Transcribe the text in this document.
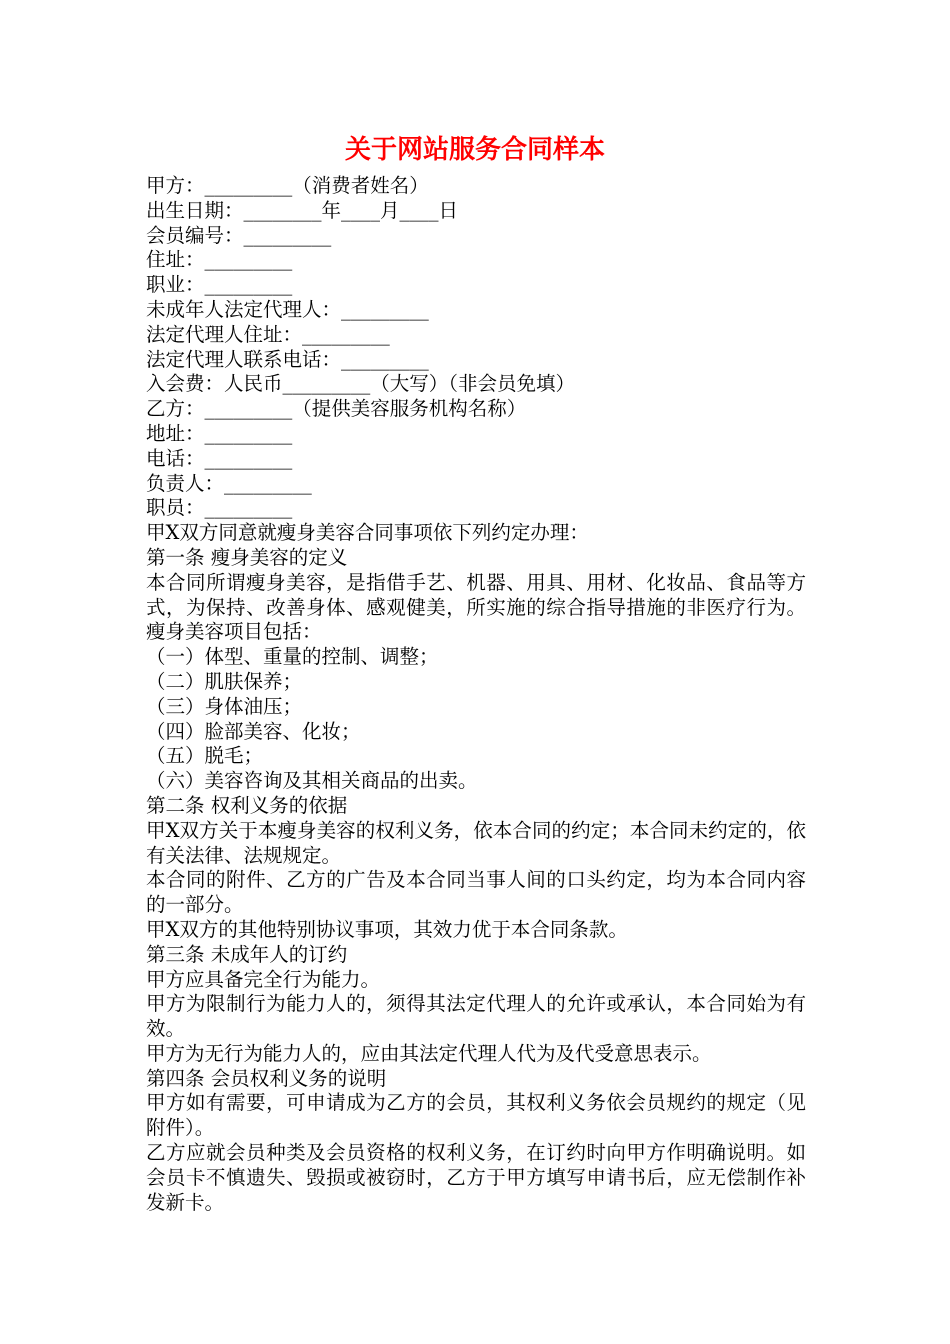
关于网站服务合同样本
甲方：_________（消费者姓名）
出生日期：________年____月____日
会员编号：_________
住址：_________
职业：_________
未成年人法定代理人：_________
法定代理人住址：_________
法定代理人联系电话：_________
入会费：人民币_________（大写）（非会员免填）
乙方：_________（提供美容服务机构名称）
地址：_________
电话：_________
负责人：_________
职员：_________
甲X双方同意就瘦身美容合同事项依下列约定办理：
第一条 瘦身美容的定义
本合同所谓瘦身美容，是指借手艺、机器、用具、用材、化妆品、食品等方式，为保持、改善身体、感观健美，所实施的综合指导措施的非医疗行为。瘦身美容项目包括：
（一）体型、重量的控制、调整；
（二）肌肤保养；
（三）身体油压；
（四）脸部美容、化妆；
（五）脱毛；
（六）美容咨询及其相关商品的出卖。
第二条 权利义务的依据
甲X双方关于本瘦身美容的权利义务，依本合同的约定；本合同未约定的，依有关法律、法规规定。
本合同的附件、乙方的广告及本合同当事人间的口头约定，均为本合同内容的一部分。
甲X双方的其他特别协议事项，其效力优于本合同条款。
第三条 未成年人的订约
甲方应具备完全行为能力。
甲方为限制行为能力人的，须得其法定代理人的允许或承认，本合同始为有效。
甲方为无行为能力人的，应由其法定代理人代为及代受意思表示。
第四条 会员权利义务的说明
甲方如有需要，可申请成为乙方的会员，其权利义务依会员规约的规定（见附件）。
乙方应就会员种类及会员资格的权利义务，在订约时向甲方作明确说明。如会员卡不慎遗失、毁损或被窃时，乙方于甲方填写申请书后，应无偿制作补发新卡。
